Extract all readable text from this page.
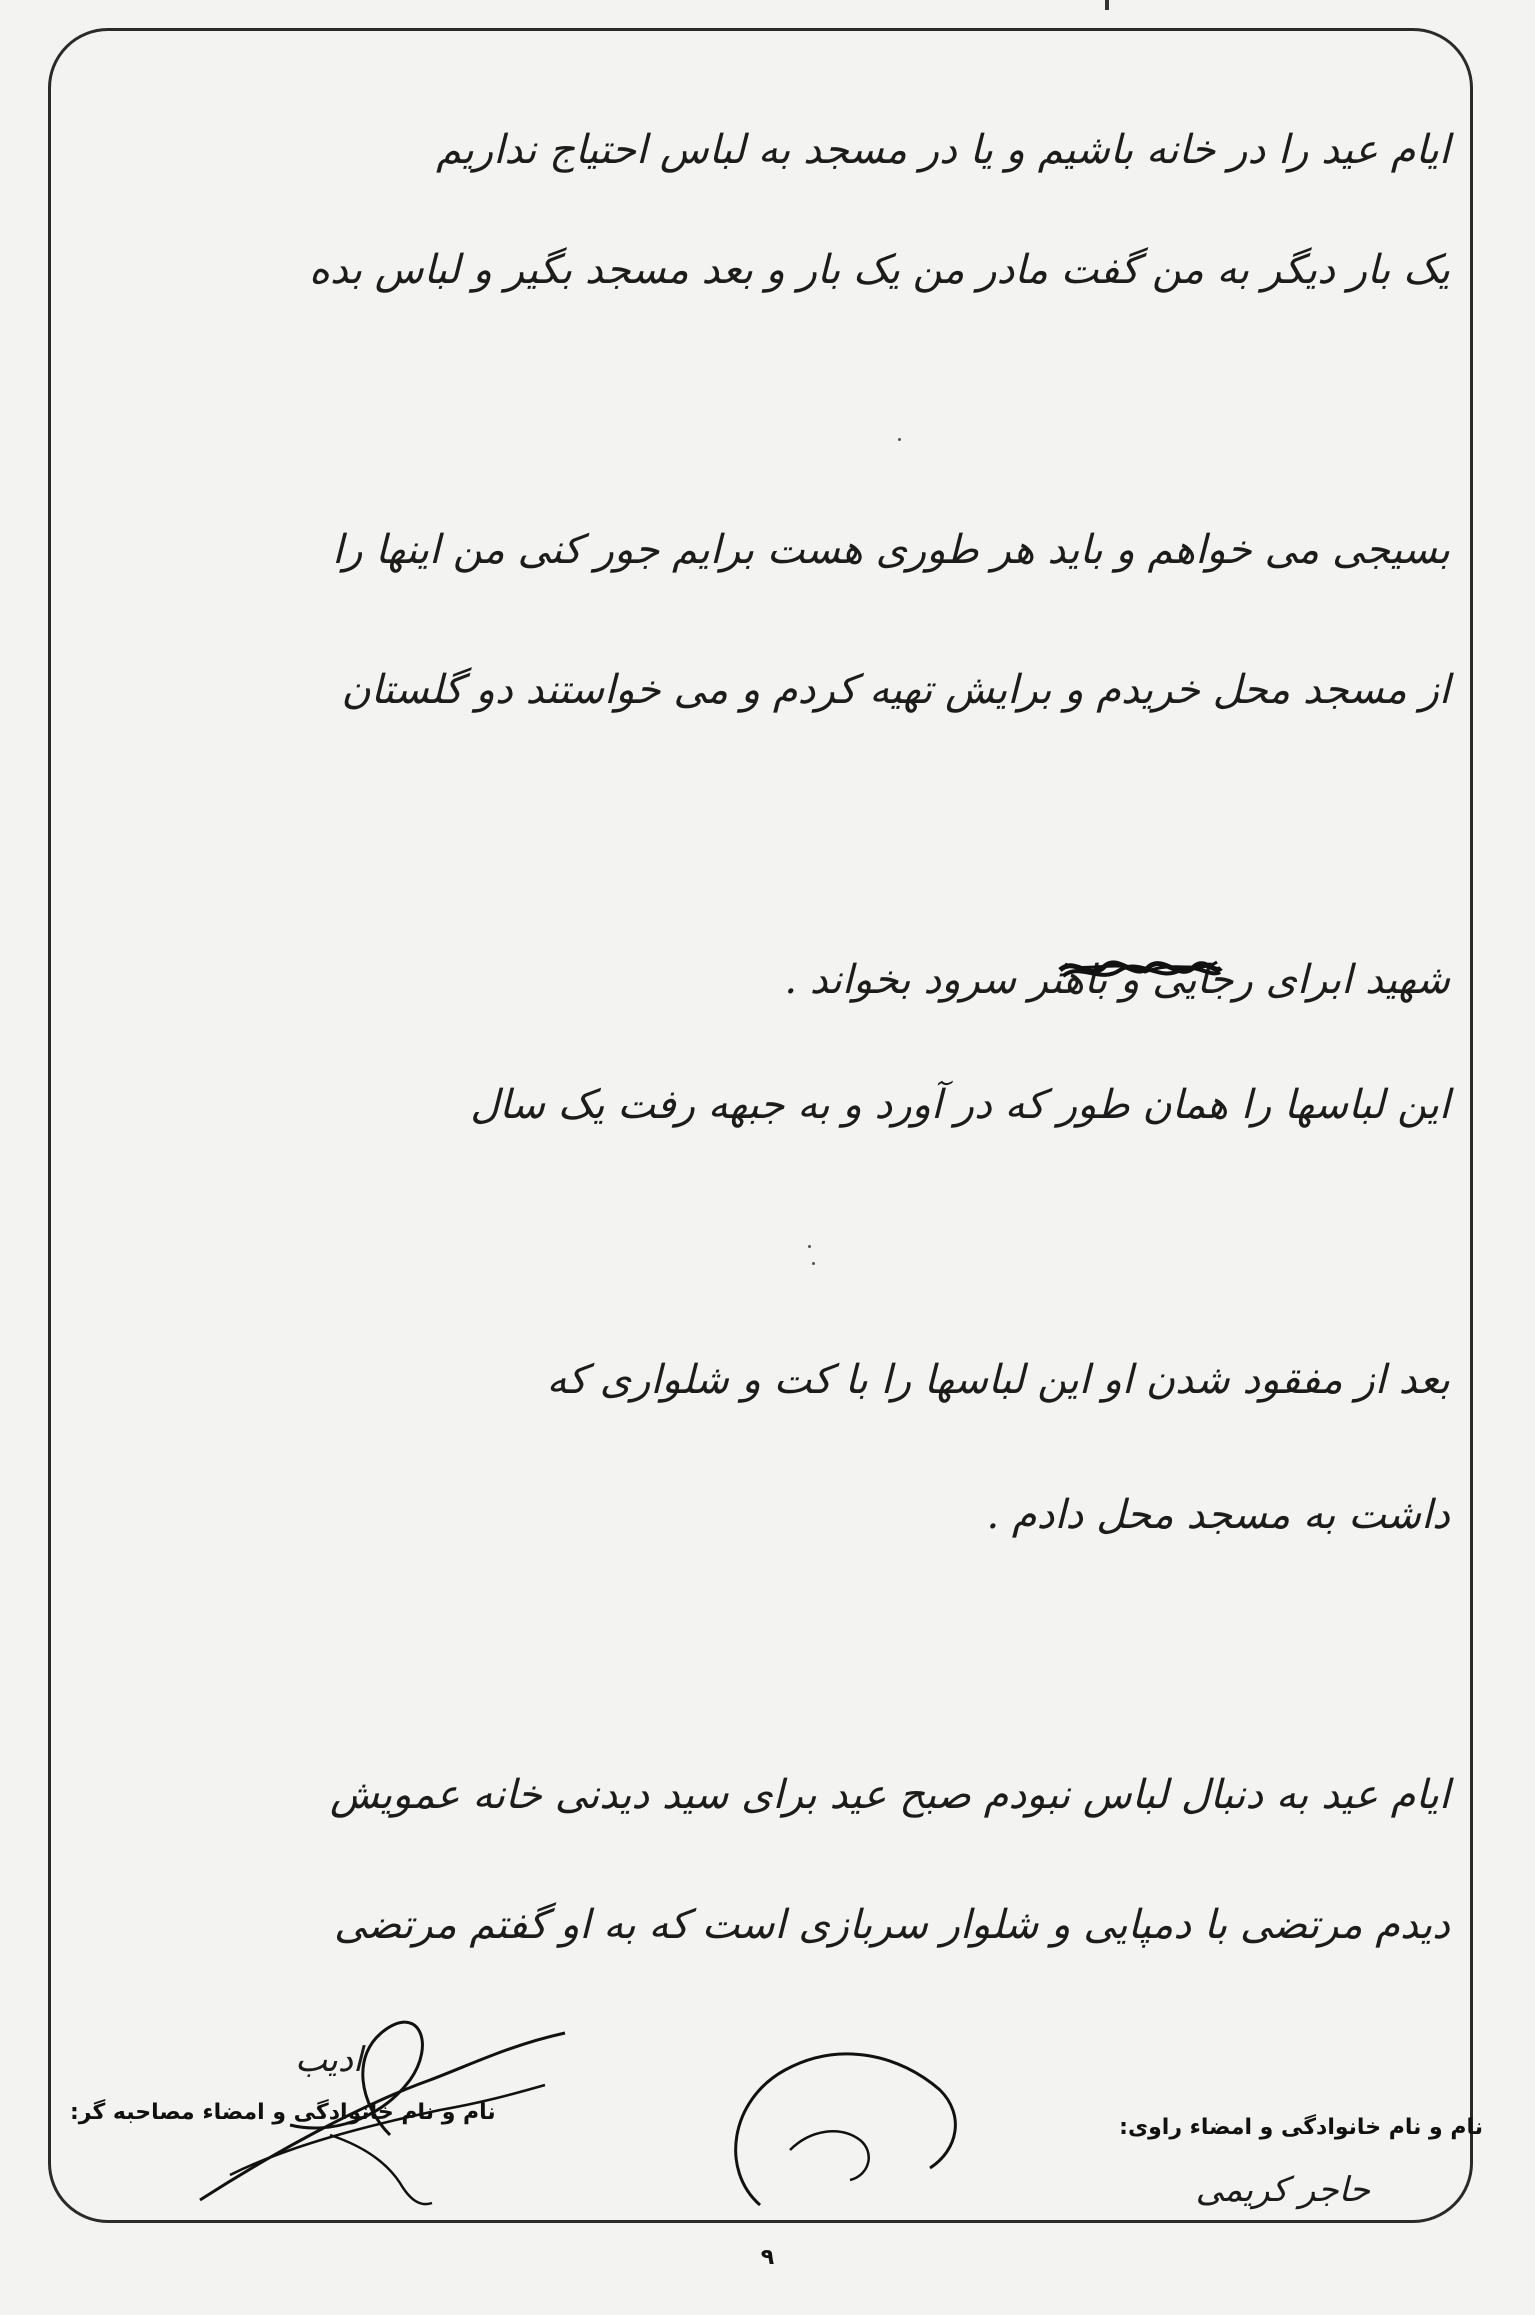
ایام عید را در خانه باشیم و یا در مسجد به لباس احتیاج نداریم
یک بار دیگر به من گفت مادر من یک بار و بعد مسجد بگیر و لباس بده
بسیجی می خواهم و باید هر طوری هست برایم جور کنی من اینها را
از مسجد محل خریدم و برایش تهیه کردم و می خواستند دو گلستان
شهید ابرای رجایی و باهنر سرود بخواند .
این لباسها را همان طور که در آورد و به جبهه رفت یک سال
بعد از مفقود شدن او این لباسها را با کت و شلواری که
داشت به مسجد محل دادم .
ایام عید به دنبال لباس نبودم صبح عید برای سید دیدنی خانه عمویش
دیدم مرتضی با دمپایی و شلوار سربازی است که به او گفتم مرتضی
ادیب
نام و نام خانوادگی و امضاء مصاحبه گر:
نام و نام خانوادگی و امضاء راوی:
حاجر کریمی
۹
